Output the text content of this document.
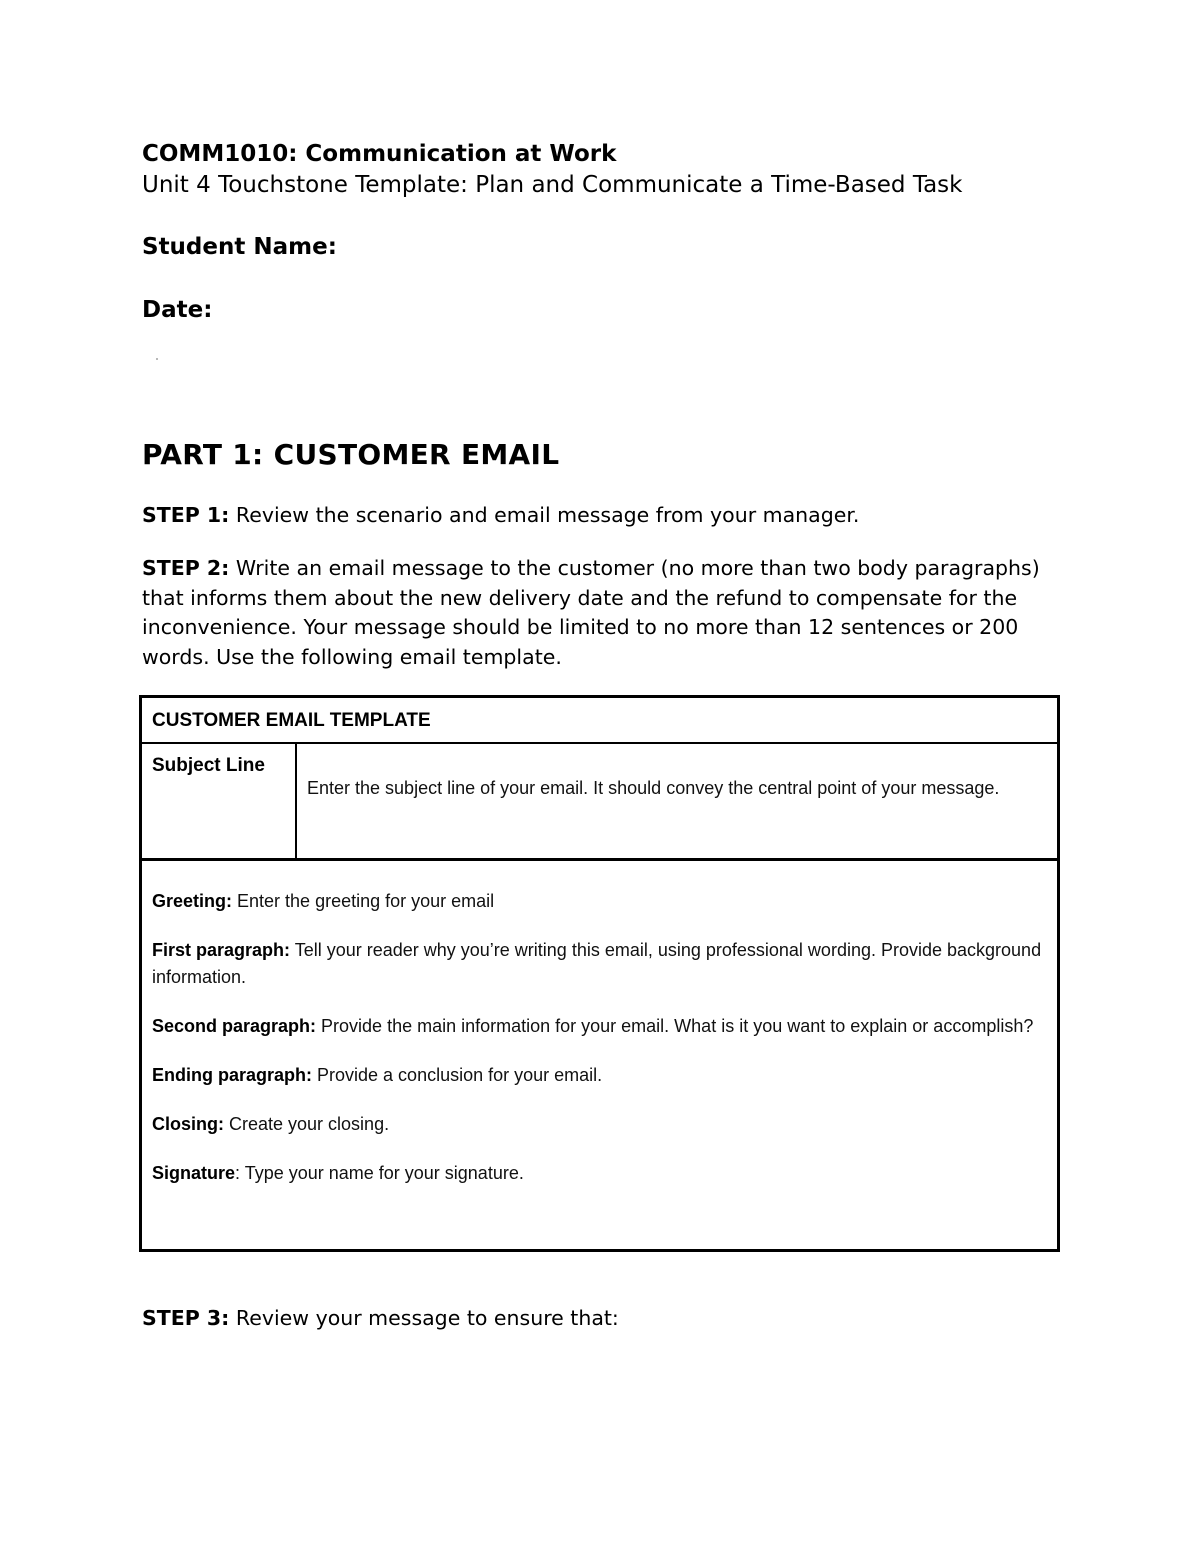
COMM1010: Communication at Work

Unit 4 Touchstone Template: Plan and Communicate a Time-Based Task

Student Name:

Date:

PART 1: CUSTOMER EMAIL

STEP 1: Review the scenario and email message from your manager.

STEP 2: Write an email message to the customer (no more than two body paragraphs) that informs them about the new delivery date and the refund to compensate for the inconvenience. Your message should be limited to no more than 12 sentences or 200 words. Use the following email template.

CUSTOMER EMAIL TEMPLATE
Subject Line
Enter the subject line of your email. It should convey the central point of your message.

Greeting: Enter the greeting for your email

First paragraph: Tell your reader why you’re writing this email, using professional wording. Provide background information.

Second paragraph: Provide the main information for your email. What is it you want to explain or accomplish?

Ending paragraph: Provide a conclusion for your email.

Closing: Create your closing.

Signature: Type your name for your signature.

STEP 3: Review your message to ensure that:
